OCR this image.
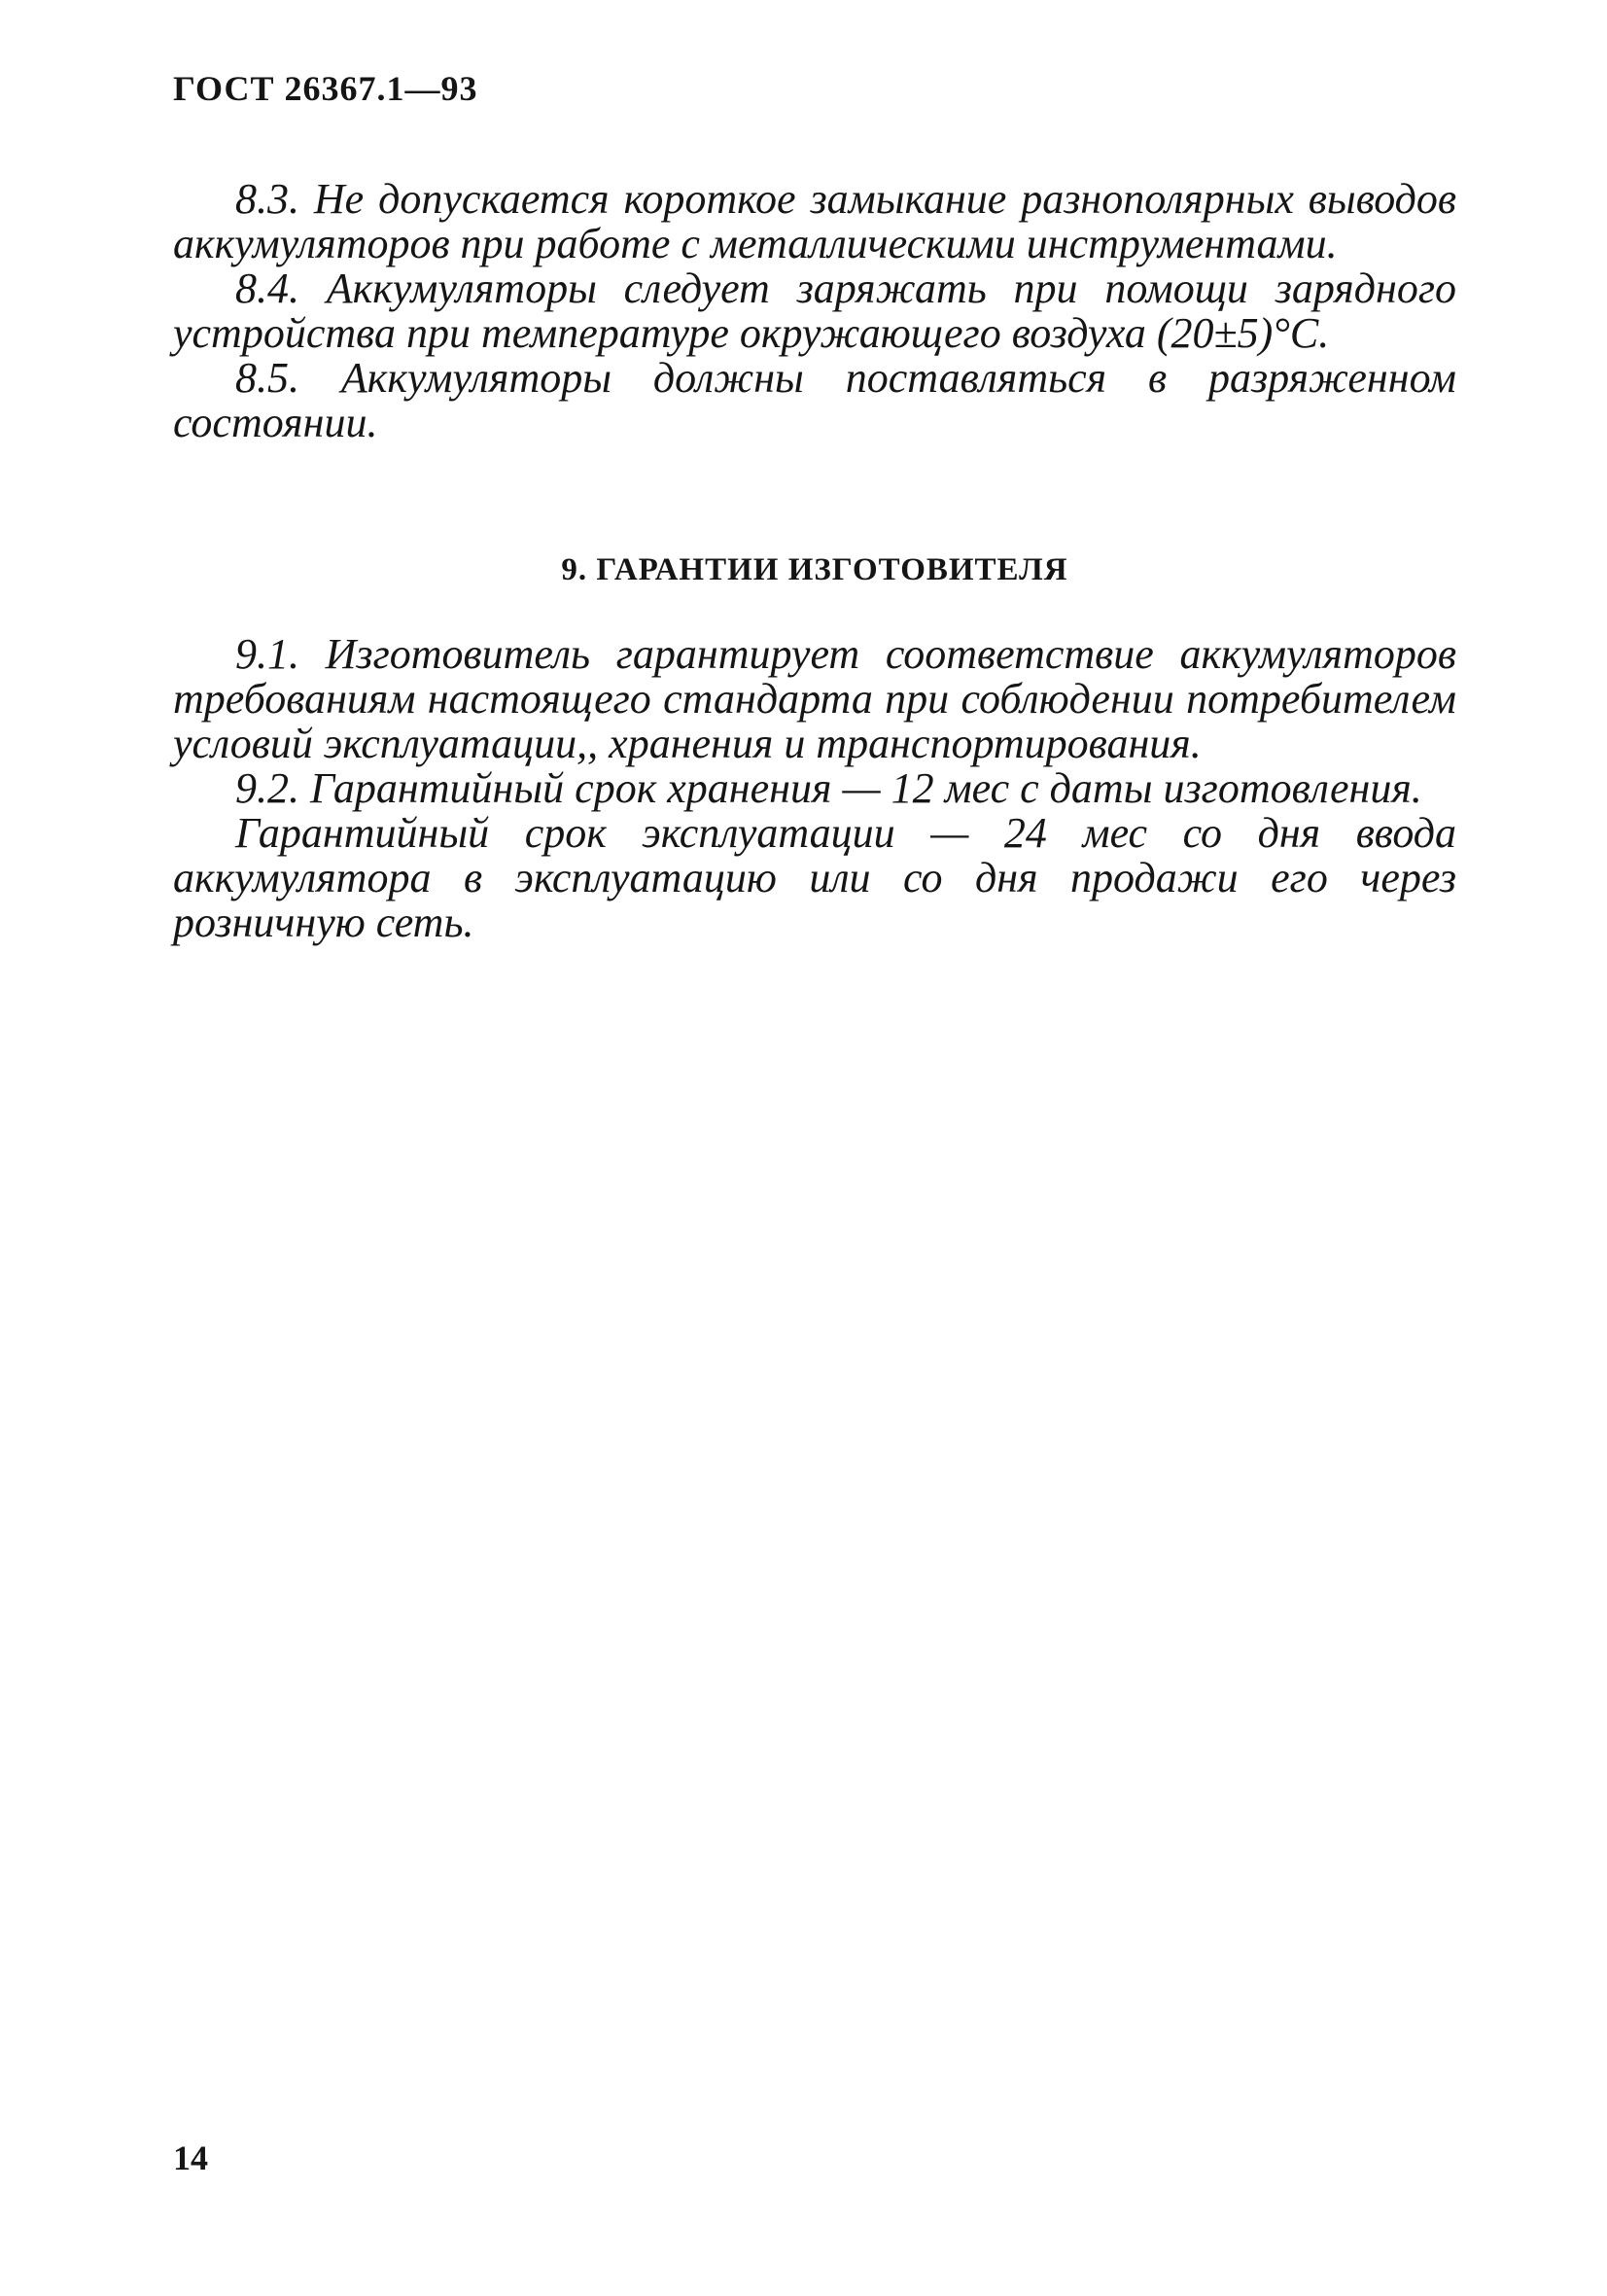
ГОСТ 26367.1—93

8.3. Не допускается короткое замыкание разнополярных выводов аккумуляторов при работе с металлическими инструментами.

8.4. Аккумуляторы следует заряжать при помощи зарядного устройства при температуре окружающего воздуха (20±5)°С.

8.5. Аккумуляторы должны поставляться в разряженном состоянии.

9. ГАРАНТИИ ИЗГОТОВИТЕЛЯ

9.1. Изготовитель гарантирует соответствие аккумуляторов требованиям настоящего стандарта при соблюдении потребителем условий эксплуатации,, хранения и транспортирования.

9.2. Гарантийный срок хранения — 12 мес с даты изготовления.

Гарантийный срок эксплуатации — 24 мес со дня ввода аккумулятора в эксплуатацию или со дня продажи его через розничную сеть.

14
